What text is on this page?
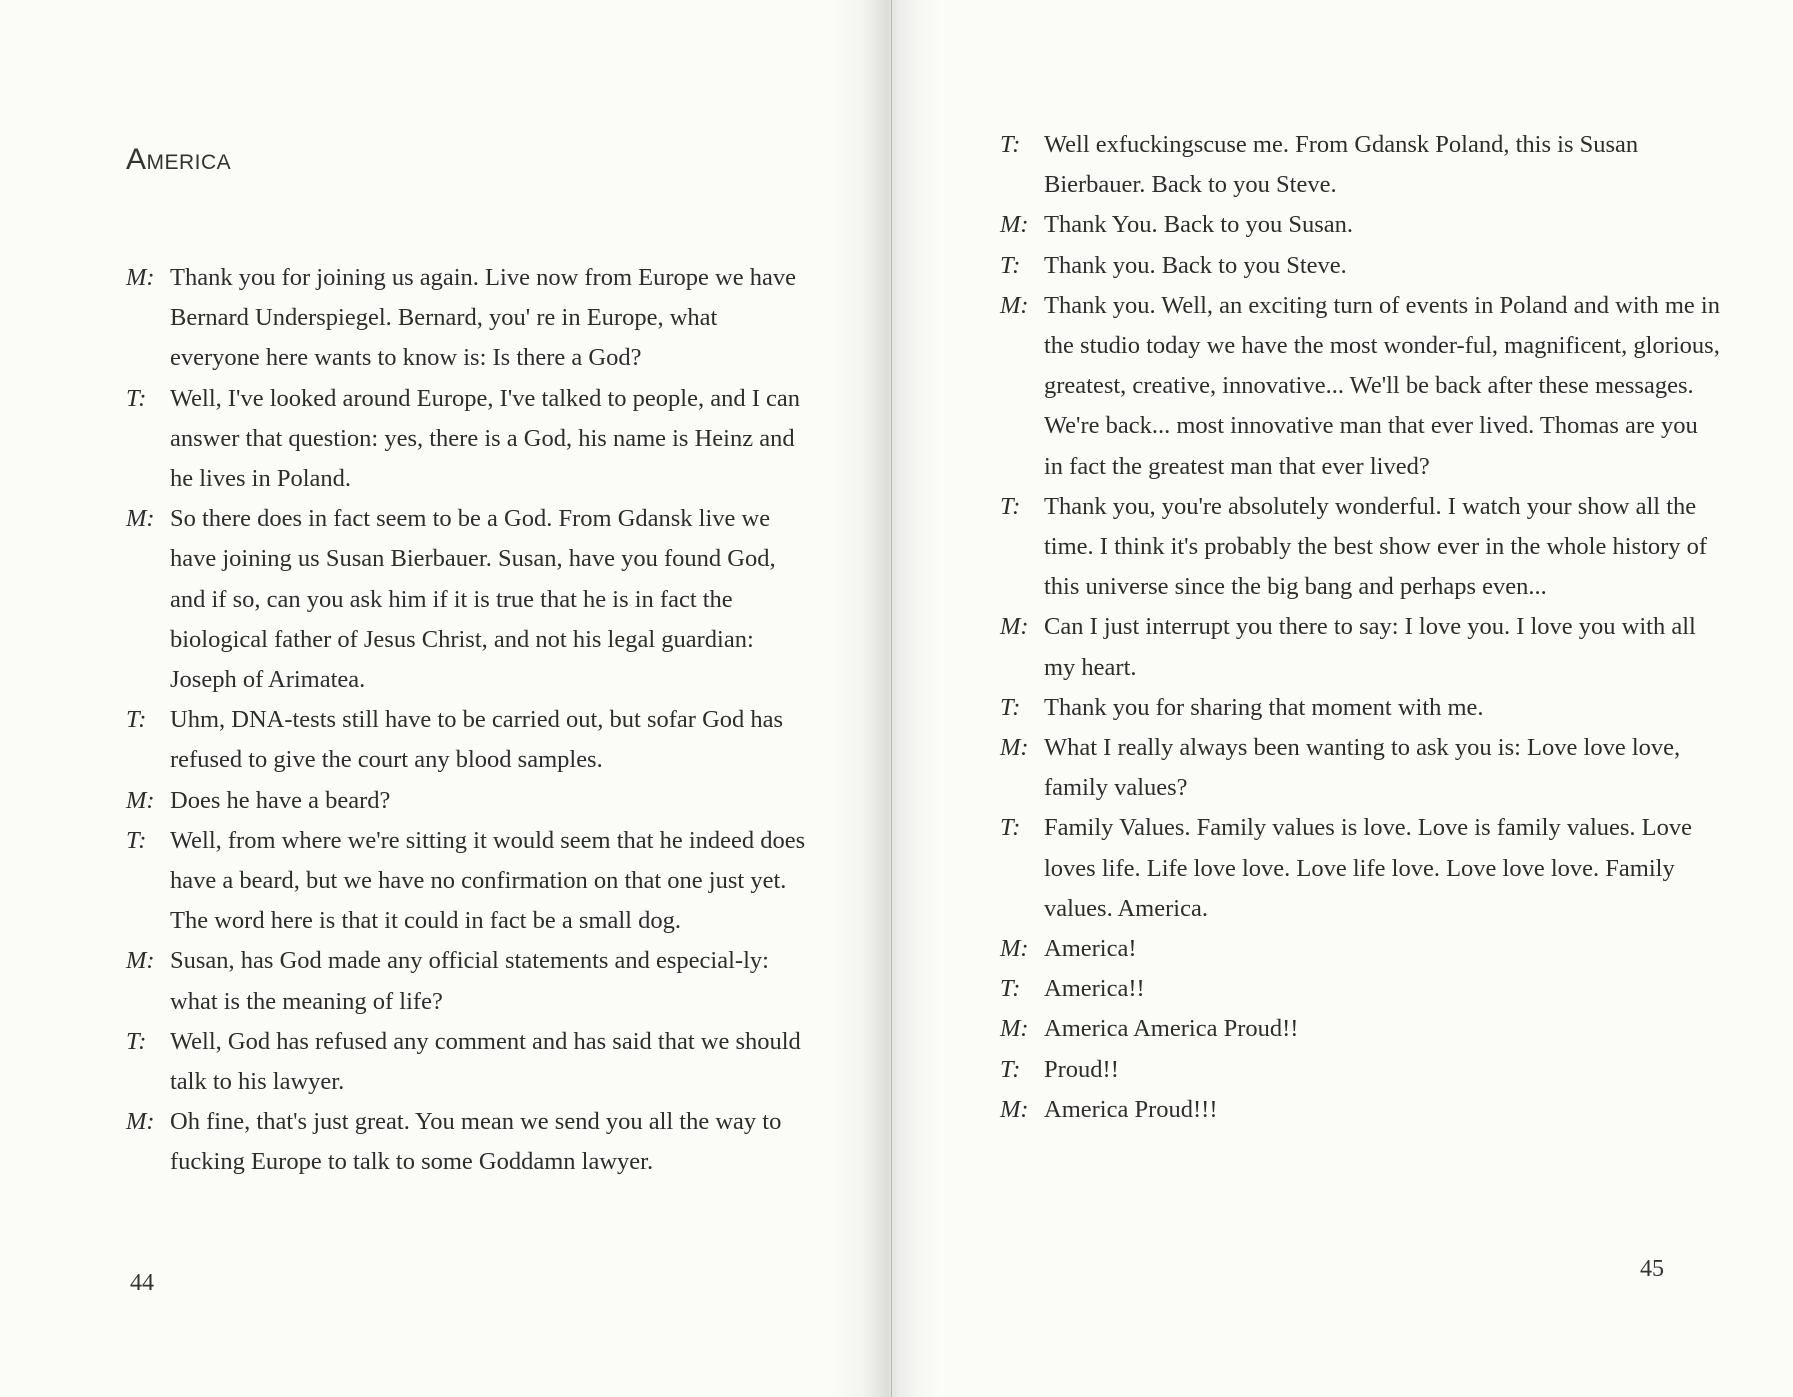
America
M: Thank you for joining us again. Live now from Europe we have Bernard Underspiegel. Bernard, you' re in Europe, what everyone here wants to know is: Is there a God?
T: Well, I've looked around Europe, I've talked to people, and I can answer that question: yes, there is a God, his name is Heinz and he lives in Poland.
M: So there does in fact seem to be a God. From Gdansk live we have joining us Susan Bierbauer. Susan, have you found God, and if so, can you ask him if it is true that he is in fact the biological father of Jesus Christ, and not his legal guardian: Joseph of Arimatea.
T: Uhm, DNA-tests still have to be carried out, but sofar God has refused to give the court any blood samples.
M: Does he have a beard?
T: Well, from where we're sitting it would seem that he indeed does have a beard, but we have no confirmation on that one just yet. The word here is that it could in fact be a small dog.
M: Susan, has God made any official statements and especial-ly: what is the meaning of life?
T: Well, God has refused any comment and has said that we should talk to his lawyer.
M: Oh fine, that's just great. You mean we send you all the way to fucking Europe to talk to some Goddamn lawyer.
44
T: Well exfuckingscuse me. From Gdansk Poland, this is Susan Bierbauer. Back to you Steve.
M: Thank You. Back to you Susan.
T: Thank you. Back to you Steve.
M: Thank you. Well, an exciting turn of events in Poland and with me in the studio today we have the most wonder-ful, magnificent, glorious, greatest, creative, innovative... We'll be back after these messages. We're back... most innovative man that ever lived. Thomas are you in fact the greatest man that ever lived?
T: Thank you, you're absolutely wonderful. I watch your show all the time. I think it's probably the best show ever in the whole history of this universe since the big bang and perhaps even...
M: Can I just interrupt you there to say: I love you. I love you with all my heart.
T: Thank you for sharing that moment with me.
M: What I really always been wanting to ask you is: Love love love, family values?
T: Family Values. Family values is love. Love is family values. Love loves life. Life love love. Love life love. Love love love. Family values. America.
M: America!
T: America!!
M: America America Proud!!
T: Proud!!
M: America Proud!!!
45
